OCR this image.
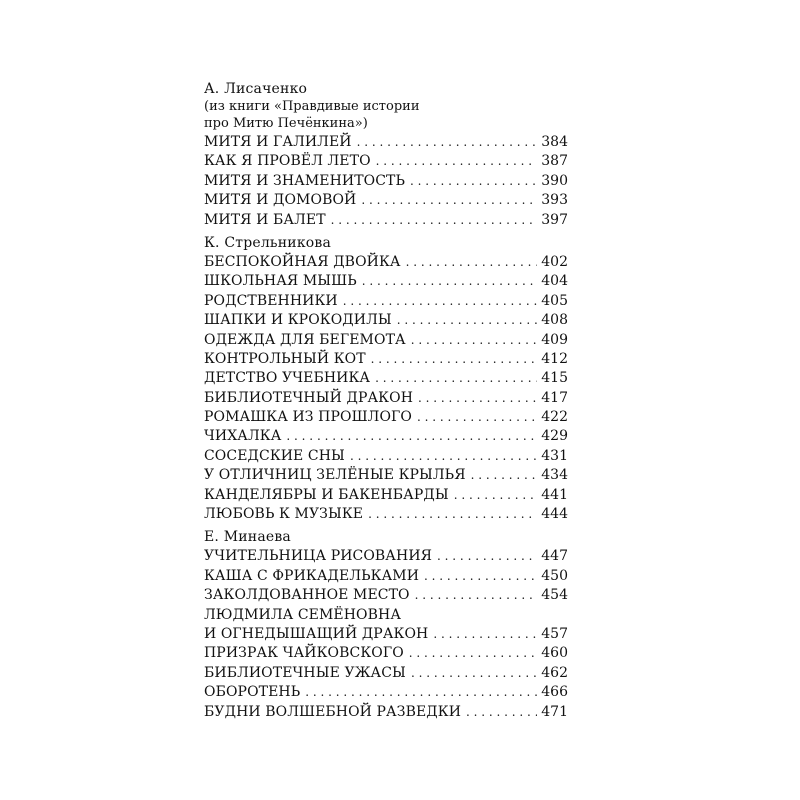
А. Лисаченко
(из книги «Правдивые истории
про Митю Печёнкина»)
МИТЯ И ГАЛИЛЕЙ . . .	384
КАК Я ПРОВЁЛ ЛЕТО . . .	387
МИТЯ И ЗНАМЕНИТОСТЬ . . .	390
МИТЯ И ДОМОВОЙ . . .	393
МИТЯ И БАЛЕТ . . .	397
К. Стрельникова
БЕСПОКОЙНАЯ ДВОЙКА . . .	402
ШКОЛЬНАЯ МЫШЬ . . .	404
РОДСТВЕННИКИ . . .	405
ШАПКИ И КРОКОДИЛЫ . . .	408
ОДЕЖДА ДЛЯ БЕГЕМОТА . . .	409
КОНТРОЛЬНЫЙ КОТ . . .	412
ДЕТСТВО УЧЕБНИКА . . .	415
БИБЛИОТЕЧНЫЙ ДРАКОН . . .	417
РОМАШКА ИЗ ПРОШЛОГО . . .	422
ЧИХАЛКА . . .	429
СОСЕДСКИЕ СНЫ . . .	431
У ОТЛИЧНИЦ ЗЕЛЁНЫЕ КРЫЛЬЯ . . .	434
КАНДЕЛЯБРЫ И БАКЕНБАРДЫ . . .	441
ЛЮБОВЬ К МУЗЫКЕ . . .	444
Е. Минаева
УЧИТЕЛЬНИЦА РИСОВАНИЯ . . .	447
КАША С ФРИКАДЕЛЬКАМИ . . .	450
ЗАКОЛДОВАННОЕ МЕСТО . . .	454
ЛЮДМИЛА СЕМЁНОВНА
И ОГНЕДЫШАЩИЙ ДРАКОН . . .	457
ПРИЗРАК ЧАЙКОВСКОГО . . .	460
БИБЛИОТЕЧНЫЕ УЖАСЫ . . .	462
ОБОРОТЕНЬ . . .	466
БУДНИ ВОЛШЕБНОЙ РАЗВЕДКИ . . .	471
